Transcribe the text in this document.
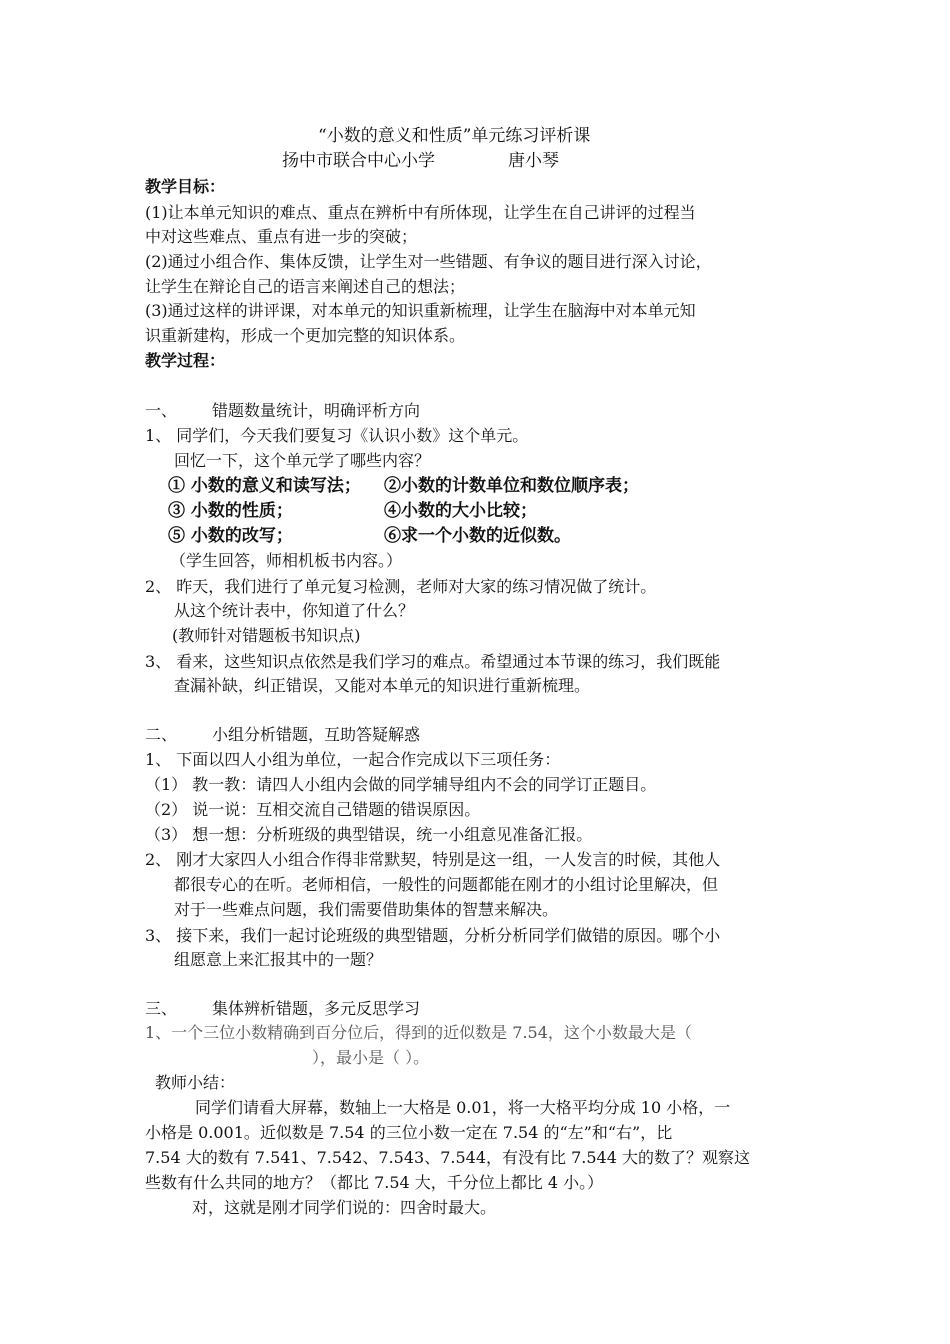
“小数的意义和性质”单元练习评析课
扬中市联合中心小学	唐小琴
教学目标：
(1)让本单元知识的难点、重点在辨析中有所体现，让学生在自己讲评的过程当
中对这些难点、重点有进一步的突破；
(2)通过小组合作、集体反馈，让学生对一些错题、有争议的题目进行深入讨论，
让学生在辩论自己的语言来阐述自己的想法；
(3)通过这样的讲评课，对本单元的知识重新梳理，让学生在脑海中对本单元知
识重新建构，形成一个更加完整的知识体系。
教学过程：
一、 错题数量统计，明确评析方向
1、 同学们，今天我们要复习《认识小数》这个单元。
回忆一下，这个单元学了哪些内容？
① 小数的意义和读写法； ②小数的计数单位和数位顺序表；
③ 小数的性质；	④小数的大小比较；
⑤ 小数的改写；	⑥求一个小数的近似数。
（学生回答，师相机板书内容。）
2、 昨天，我们进行了单元复习检测，老师对大家的练习情况做了统计。
从这个统计表中，你知道了什么？
(教师针对错题板书知识点)
3、 看来，这些知识点依然是我们学习的难点。希望通过本节课的练习，我们既能
查漏补缺，纠正错误，又能对本单元的知识进行重新梳理。
二、 小组分析错题，互助答疑解惑
1、 下面以四人小组为单位，一起合作完成以下三项任务：
（1） 教一教：请四人小组内会做的同学辅导组内不会的同学订正题目。
（2） 说一说：互相交流自己错题的错误原因。
（3） 想一想：分析班级的典型错误，统一小组意见准备汇报。
2、 刚才大家四人小组合作得非常默契，特别是这一组，一人发言的时候，其他人
都很专心的在听。老师相信，一般性的问题都能在刚才的小组讨论里解决，但
对于一些难点问题，我们需要借助集体的智慧来解决。
3、 接下来，我们一起讨论班级的典型错题，分析分析同学们做错的原因。哪个小
组愿意上来汇报其中的一题？
三、 集体辨析错题，多元反思学习
1、一个三位小数精确到百分位后，得到的近似数是 7.54，这个小数最大是（
），最小是（ ）。
教师小结：
同学们请看大屏幕，数轴上一大格是 0.01，将一大格平均分成 10 小格，一
小格是 0.001。近似数是 7.54 的三位小数一定在 7.54 的“左”和“右”，比
7.54 大的数有 7.541、7.542、7.543、7.544，有没有比 7.544 大的数了？观察这
些数有什么共同的地方？（都比 7.54 大，千分位上都比 4 小。）
对，这就是刚才同学们说的：四舍时最大。
